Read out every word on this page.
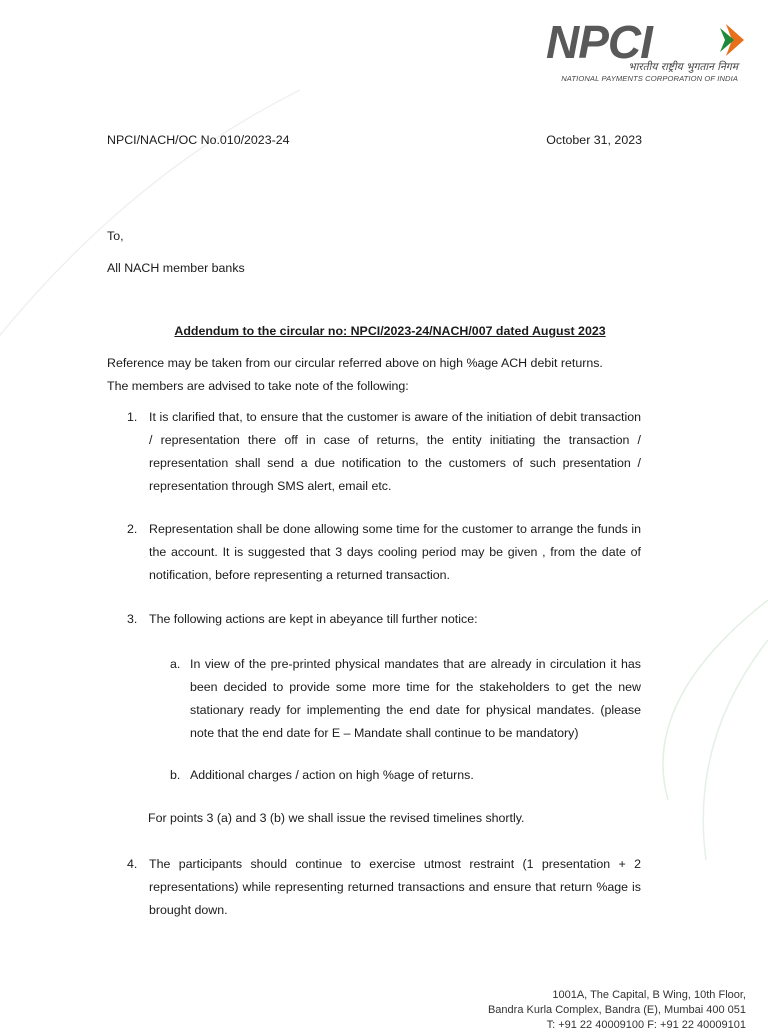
NPCI
भारतीय राष्ट्रीय भुगतान निगम
NATIONAL PAYMENTS CORPORATION OF INDIA
NPCI/NACH/OC No.010/2023-24	October 31, 2023
To,
All NACH member banks
Addendum to the circular no: NPCI/2023-24/NACH/007 dated August 2023
Reference may be taken from our circular referred above on high %age ACH debit returns.
The members are advised to take note of the following:
1. It is clarified that, to ensure that the customer is aware of the initiation of debit transaction / representation there off in case of returns, the entity initiating the transaction / representation shall send a due notification to the customers of such presentation / representation through SMS alert, email etc.
2. Representation shall be done allowing some time for the customer to arrange the funds in the account. It is suggested that 3 days cooling period may be given , from the date of notification, before representing a returned transaction.
3. The following actions are kept in abeyance till further notice:
a. In view of the pre-printed physical mandates that are already in circulation it has been decided to provide some more time for the stakeholders to get the new stationary ready for implementing the end date for physical mandates. (please note that the end date for E – Mandate shall continue to be mandatory)
b. Additional charges / action on high %age of returns.
For points 3 (a) and 3 (b) we shall issue the revised timelines shortly.
4. The participants should continue to exercise utmost restraint (1 presentation + 2 representations) while representing returned transactions and ensure that return %age is brought down.
1001A, The Capital, B Wing, 10th Floor,
Bandra Kurla Complex, Bandra (E), Mumbai 400 051
T: +91 22 40009100 F: +91 22 40009101
